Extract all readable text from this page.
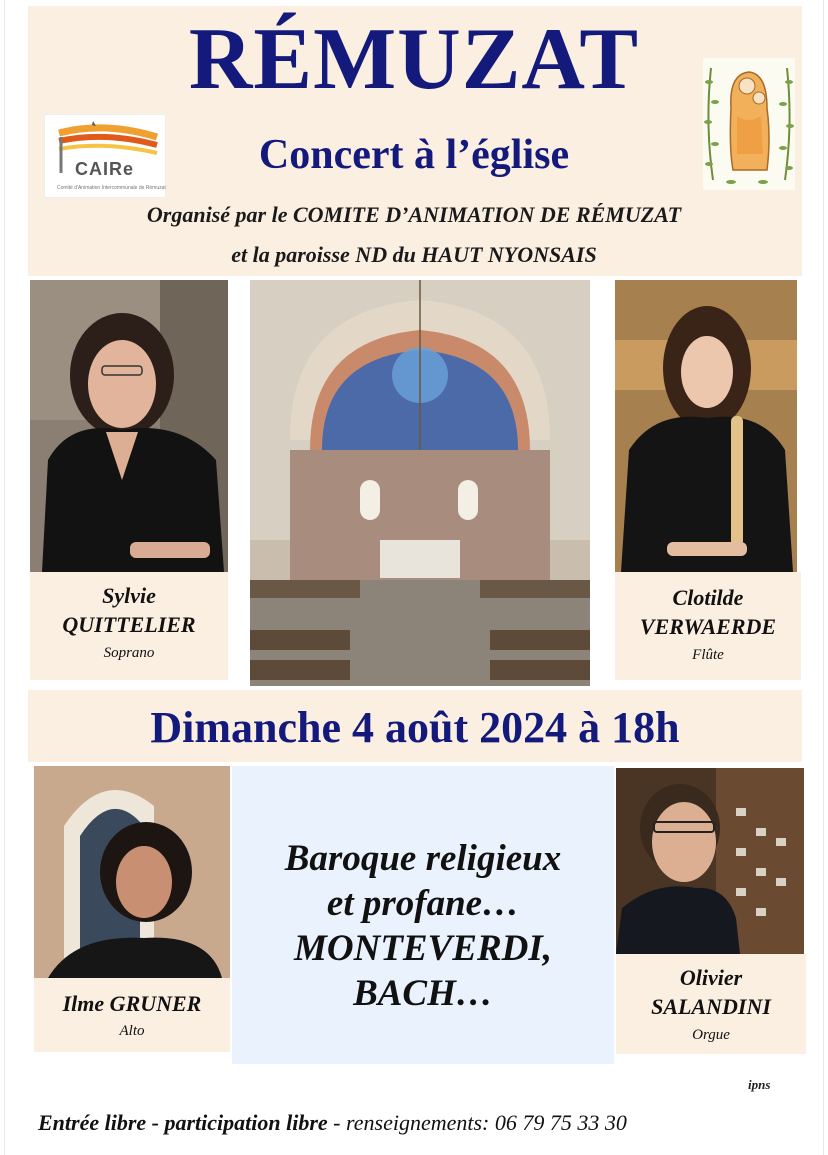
RÉMUZAT
Concert à l’église
Organisé par le COMITE D’ANIMATION DE RÉMUZAT
et la paroisse ND du HAUT NYONSAIS
CAIRe
Comité d'Animation Intercommunale de Rémuzat
Sylvie
QUITTELIER
Soprano
Clotilde
VERWAERDE
Flûte
Dimanche 4 août 2024 à 18h
Ilme GRUNER
Alto
Baroque religieux
et profane…
MONTEVERDI,
BACH…	Olivier
SALANDINI
Orgue
ipns
Entrée libre - participation libre - renseignements: 06 79 75 33 30
